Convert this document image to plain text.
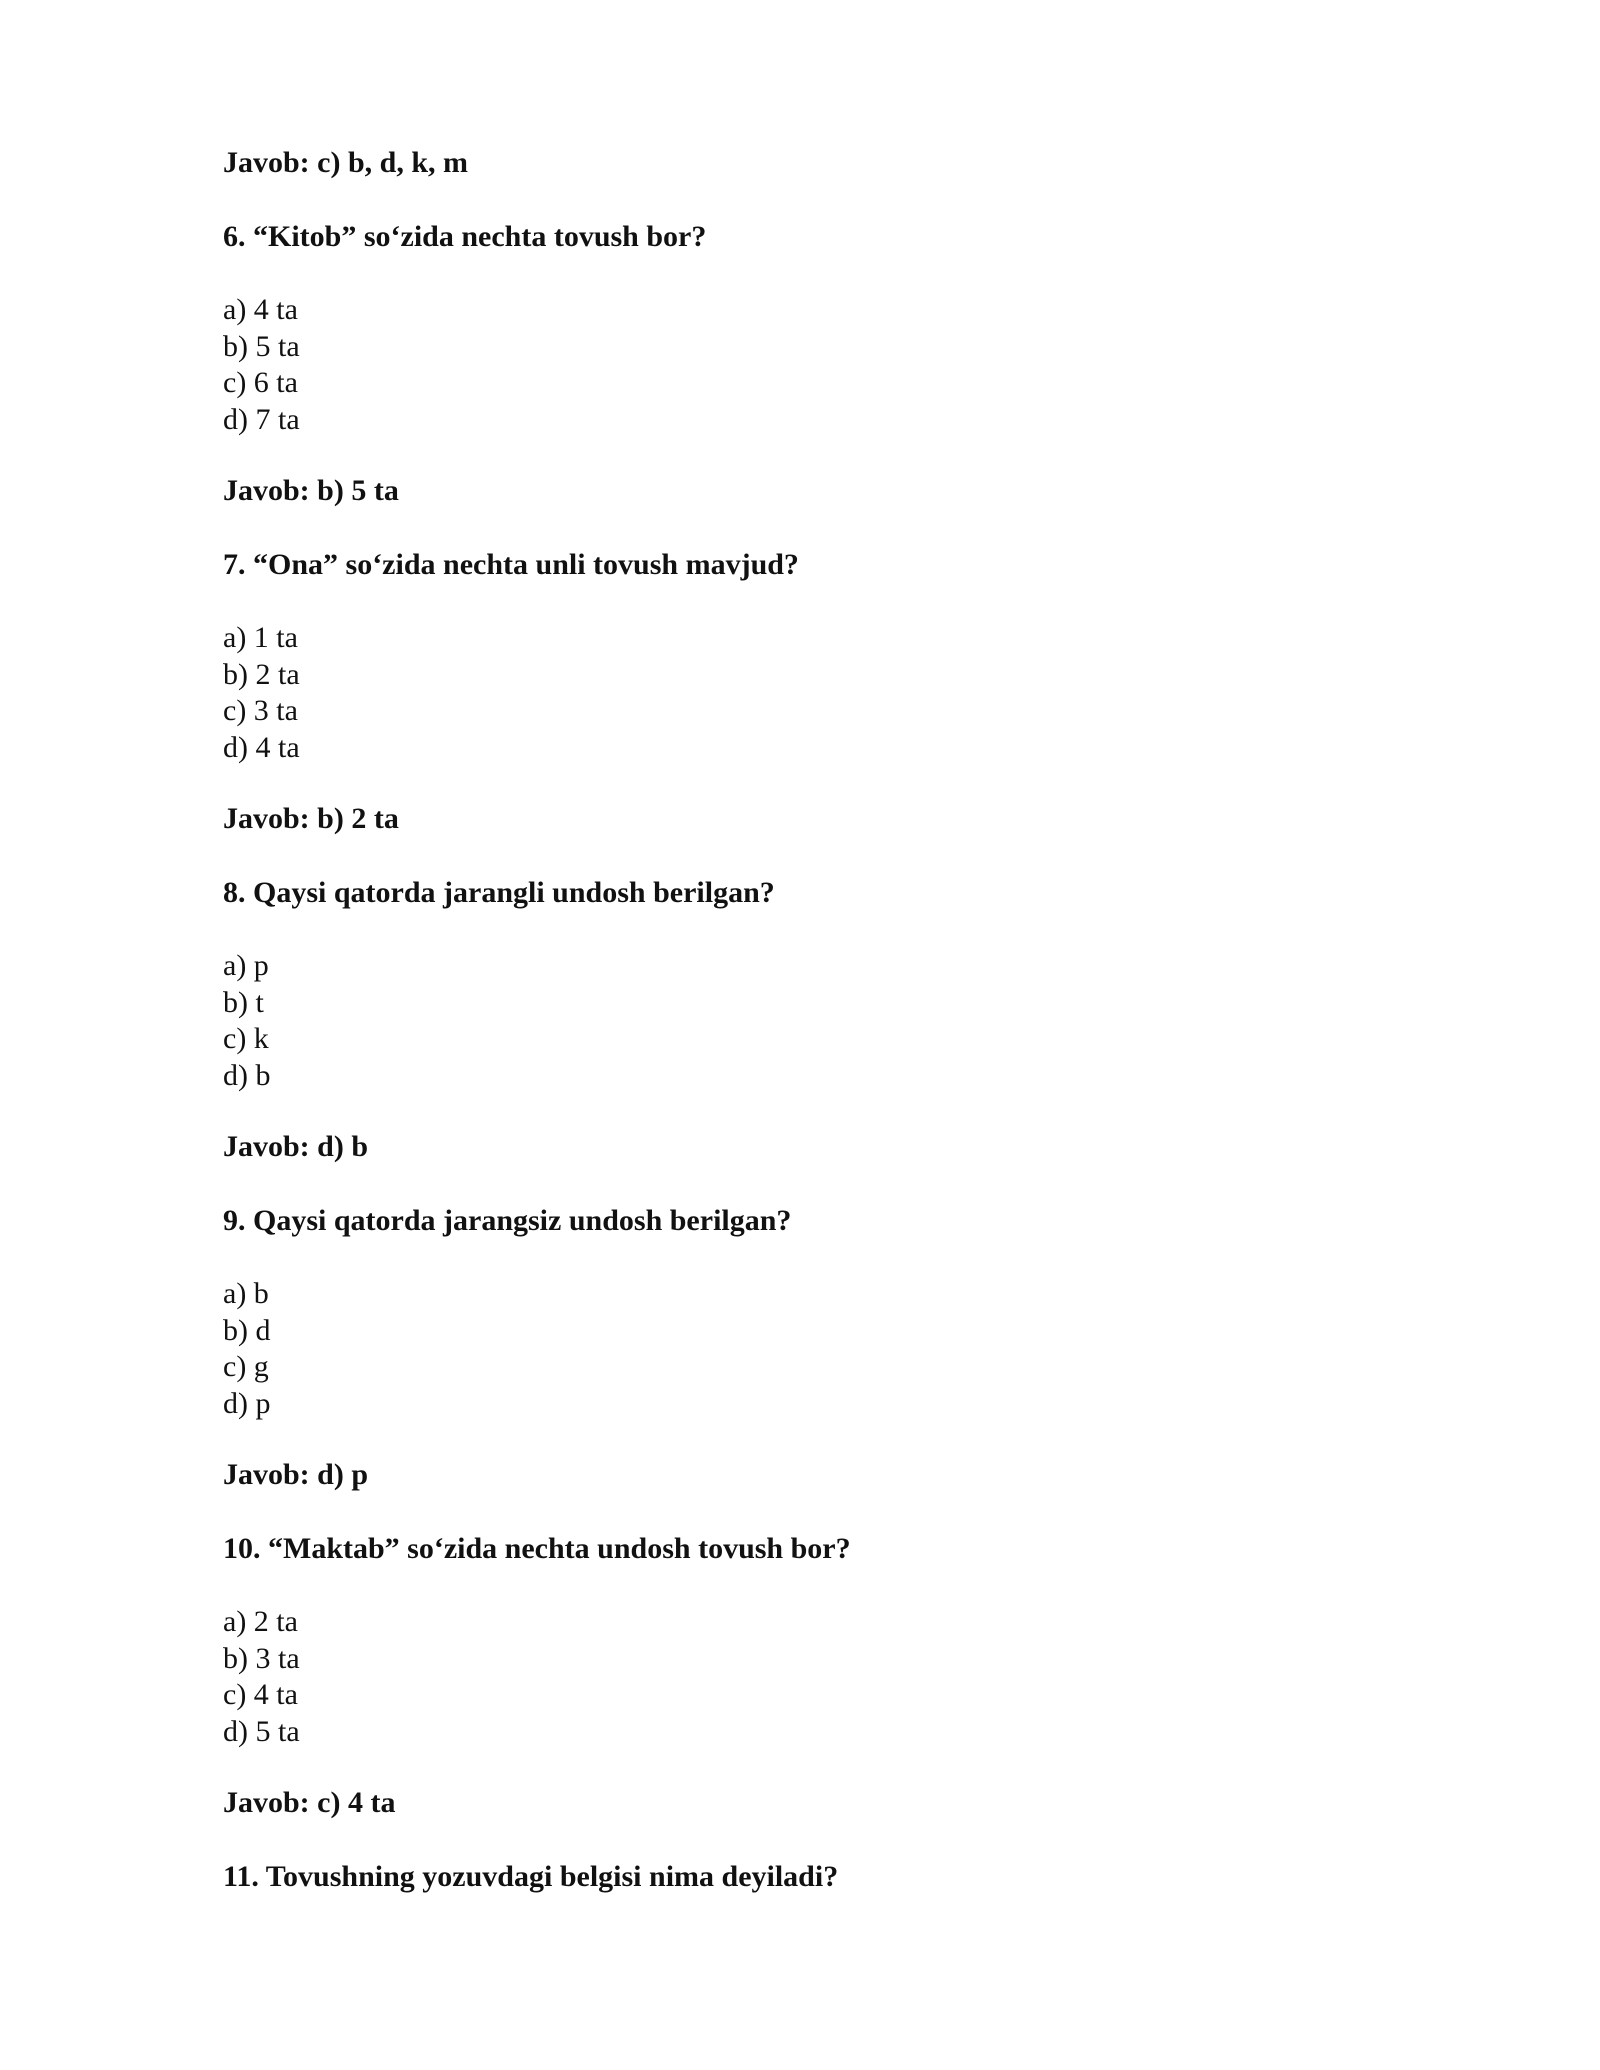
Javob: c) b, d, k, m

6. “Kitob” so‘zida nechta tovush bor?

a) 4 ta
b) 5 ta
c) 6 ta
d) 7 ta

Javob: b) 5 ta

7. “Ona” so‘zida nechta unli tovush mavjud?

a) 1 ta
b) 2 ta
c) 3 ta
d) 4 ta

Javob: b) 2 ta

8. Qaysi qatorda jarangli undosh berilgan?

a) p
b) t
c) k
d) b

Javob: d) b

9. Qaysi qatorda jarangsiz undosh berilgan?

a) b
b) d
c) g
d) p

Javob: d) p

10. “Maktab” so‘zida nechta undosh tovush bor?

a) 2 ta
b) 3 ta
c) 4 ta
d) 5 ta

Javob: c) 4 ta

11. Tovushning yozuvdagi belgisi nima deyiladi?
